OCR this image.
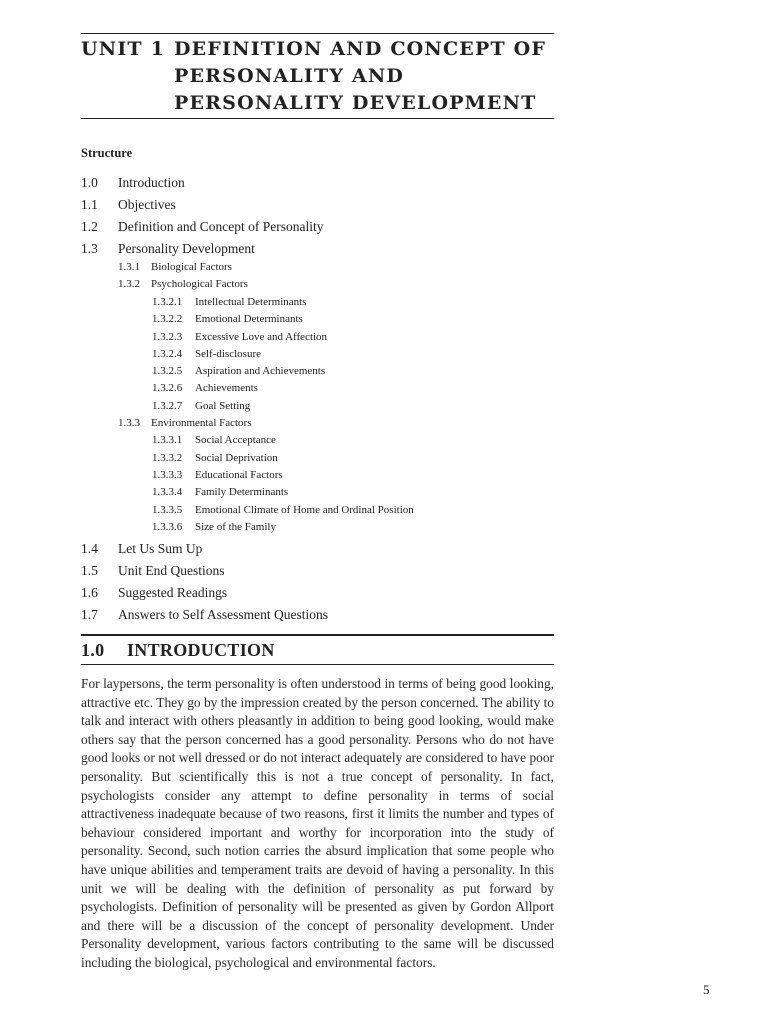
UNIT 1 DEFINITION AND CONCEPT OF PERSONALITY AND PERSONALITY DEVELOPMENT
Structure
1.0 Introduction
1.1 Objectives
1.2 Definition and Concept of Personality
1.3 Personality Development
1.3.1 Biological Factors
1.3.2 Psychological Factors
1.3.2.1 Intellectual Determinants
1.3.2.2 Emotional Determinants
1.3.2.3 Excessive Love and Affection
1.3.2.4 Self-disclosure
1.3.2.5 Aspiration and Achievements
1.3.2.6 Achievements
1.3.2.7 Goal Setting
1.3.3 Environmental Factors
1.3.3.1 Social Acceptance
1.3.3.2 Social Deprivation
1.3.3.3 Educational Factors
1.3.3.4 Family Determinants
1.3.3.5 Emotional Climate of Home and Ordinal Position
1.3.3.6 Size of the Family
1.4 Let Us Sum Up
1.5 Unit End Questions
1.6 Suggested Readings
1.7 Answers to Self Assessment Questions
1.0 INTRODUCTION
For laypersons, the term personality is often understood in terms of being good looking, attractive etc. They go by the impression created by the person concerned. The ability to talk and interact with others pleasantly in addition to being good looking, would make others say that the person concerned has a good personality. Persons who do not have good looks or not well dressed or do not interact adequately are considered to have poor personality. But scientifically this is not a true concept of personality. In fact, psychologists consider any attempt to define personality in terms of social attractiveness inadequate because of two reasons, first it limits the number and types of behaviour considered important and worthy for incorporation into the study of personality. Second, such notion carries the absurd implication that some people who have unique abilities and temperament traits are devoid of having a personality. In this unit we will be dealing with the definition of personality as put forward by psychologists. Definition of personality will be presented as given by Gordon Allport and there will be a discussion of the concept of personality development. Under Personality development, various factors contributing to the same will be discussed including the biological, psychological and environmental factors.
5
